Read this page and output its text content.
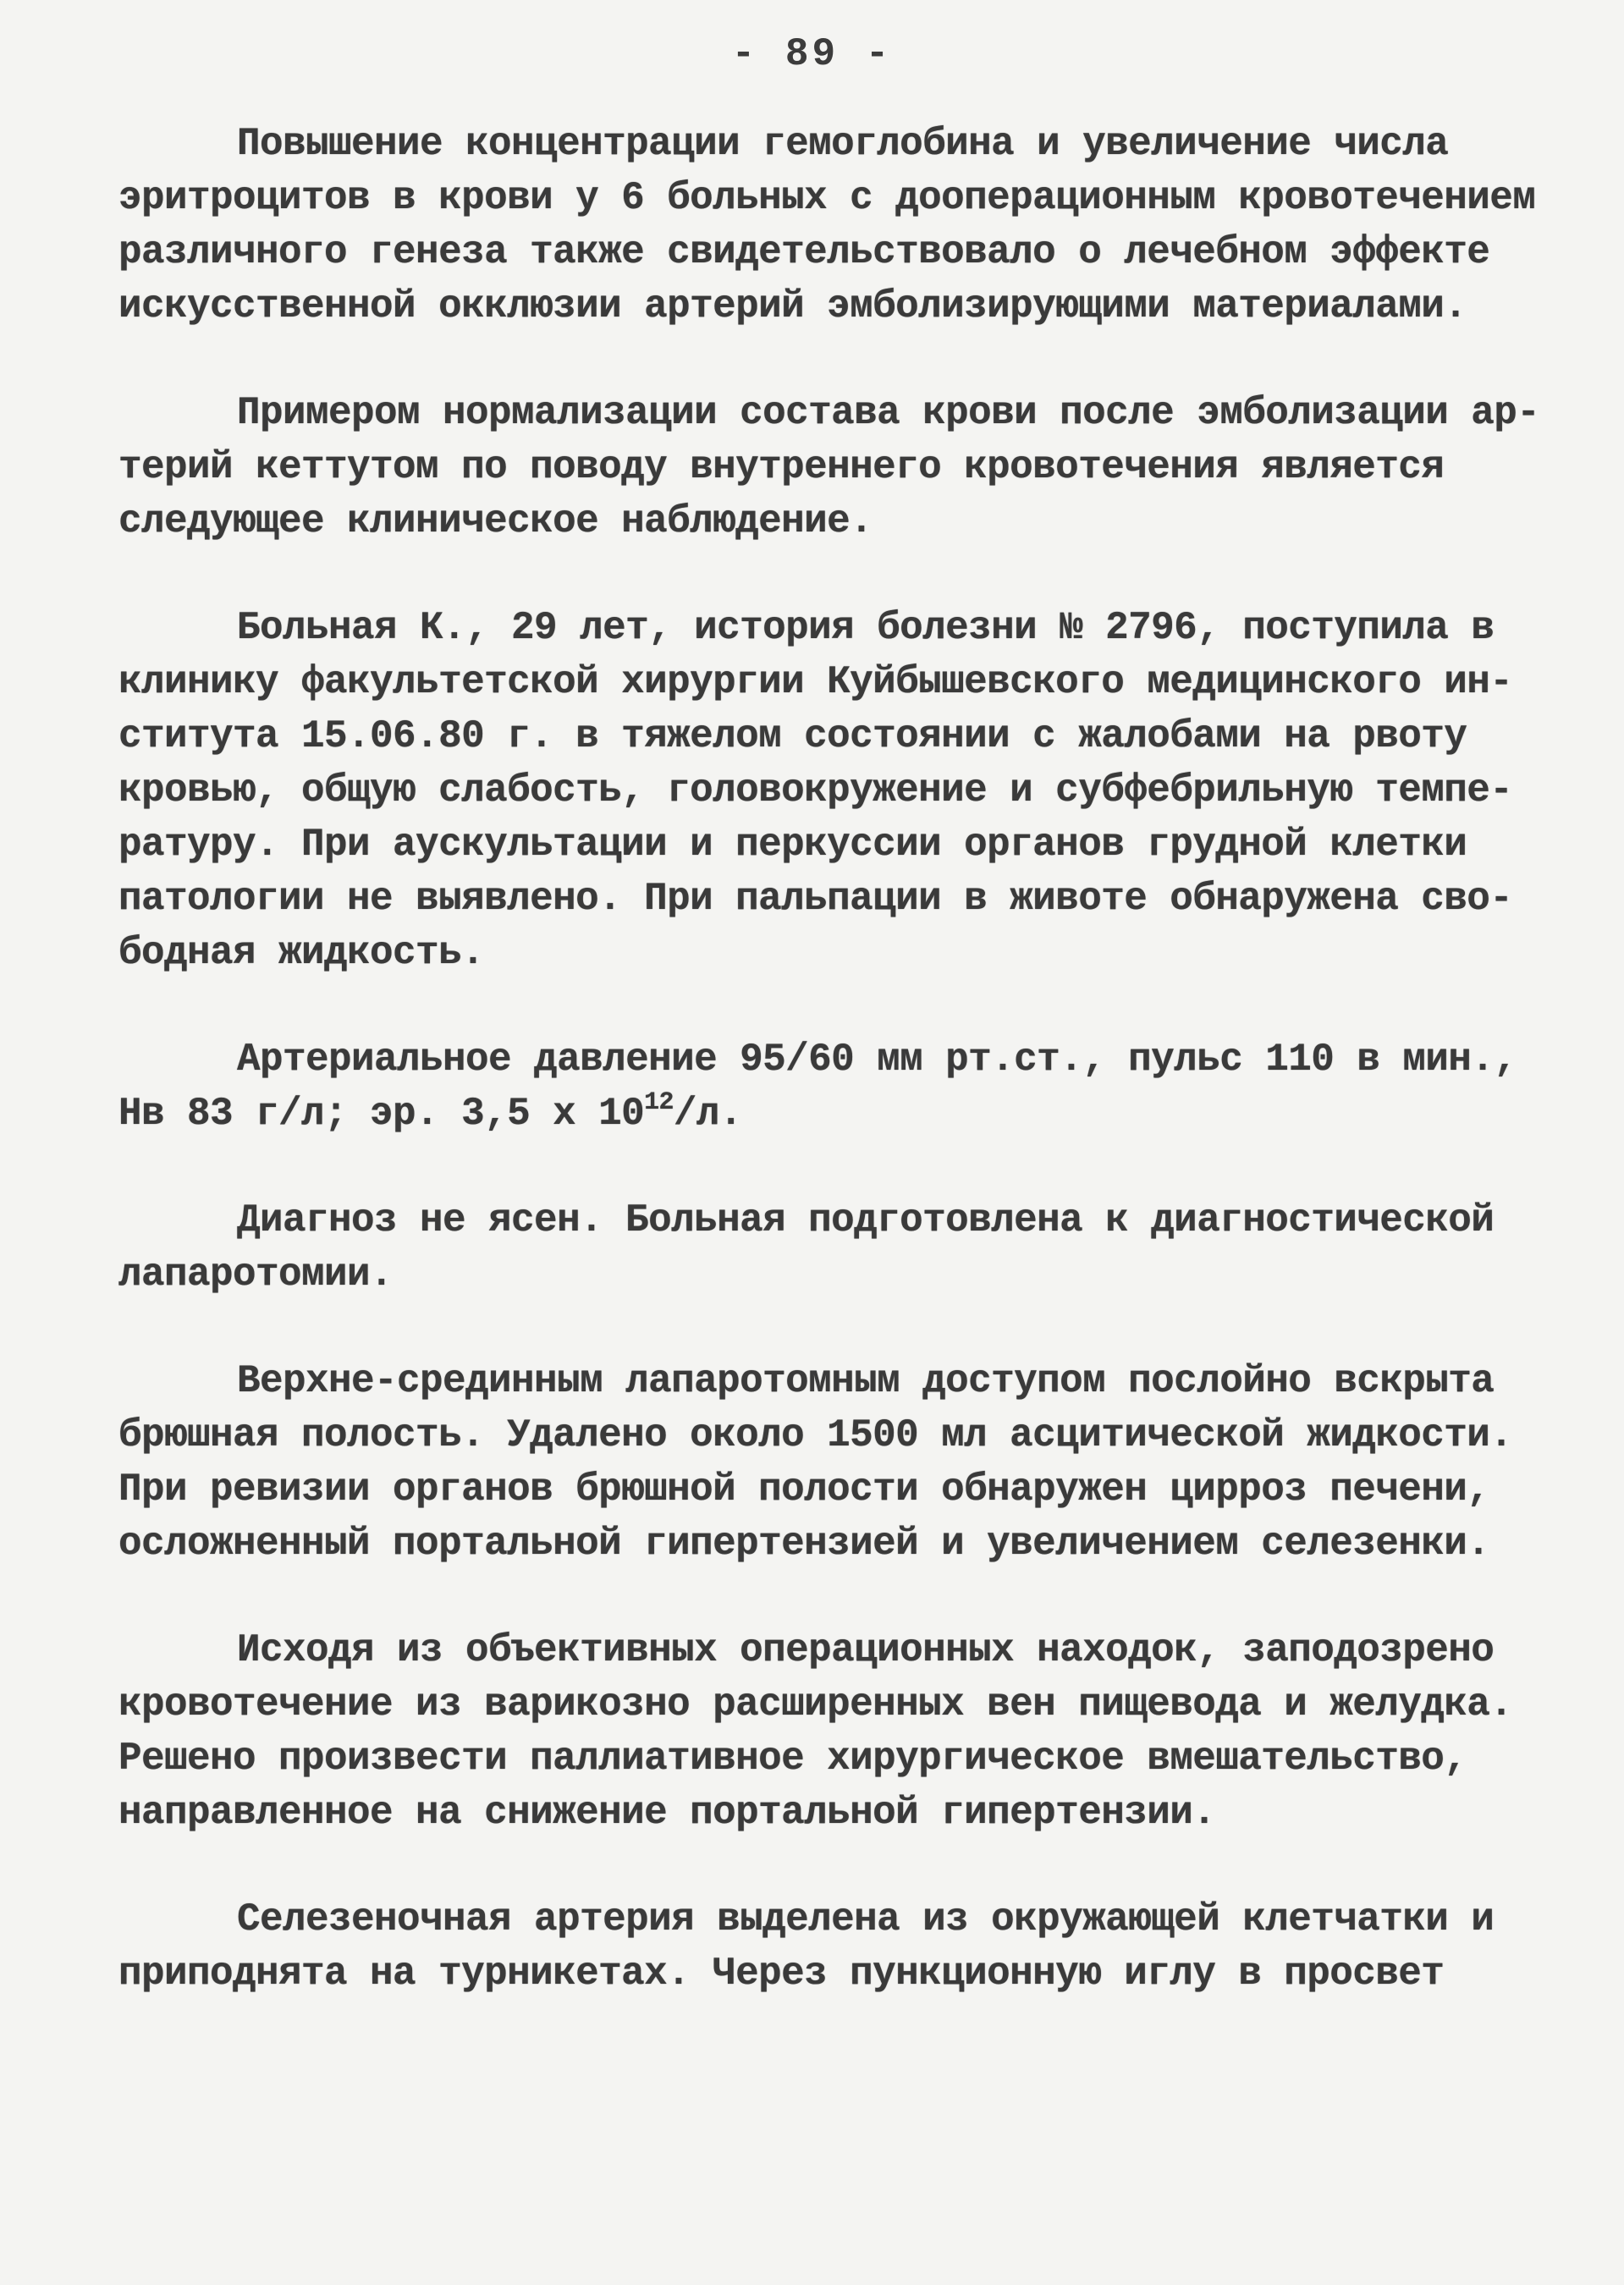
- 89 -
Повышение концентрации гемоглобина и увеличение числа
эритроцитов в крови у 6 больных с дооперационным кровотечением
различного генеза также свидетельствовало о лечебном эффекте
искусственной окклюзии артерий эмболизирующими материалами.
Примером нормализации состава крови после эмболизации ар-
терий кеттутом по поводу внутреннего кровотечения является
следующее клиническое наблюдение.
Больная К., 29 лет, история болезни № 2796, поступила в
клинику факультетской хирургии Куйбышевского медицинского ин-
ститута 15.06.80 г. в тяжелом состоянии с жалобами на рвоту
кровью, общую слабость, головокружение и субфебрильную темпе-
ратуру. При аускультации и перкуссии органов грудной клетки
патологии не выявлено. При пальпации в животе обнаружена сво-
бодная жидкость.
Артериальное давление 95/60 мм рт.ст., пульс 110 в мин.,
Hв 83 г/л; эр. 3,5 х $10^{12}/л$.
Диагноз не ясен. Больная подготовлена к диагностической
лапаротомии.
Верхне-срединным лапаротомным доступом послойно вскрыта
брюшная полость. Удалено около 1500 мл асцитической жидкости.
При ревизии органов брюшной полости обнаружен цирроз печени,
осложненный портальной гипертензией и увеличением селезенки.
Исходя из объективных операционных находок, заподозрено
кровотечение из варикозно расширенных вен пищевода и желудка.
Решено произвести паллиативное хирургическое вмешательство,
направленное на снижение портальной гипертензии.
Селезеночная артерия выделена из окружающей клетчатки и
приподнята на турникетах. Через пункционную иглу в просвет
